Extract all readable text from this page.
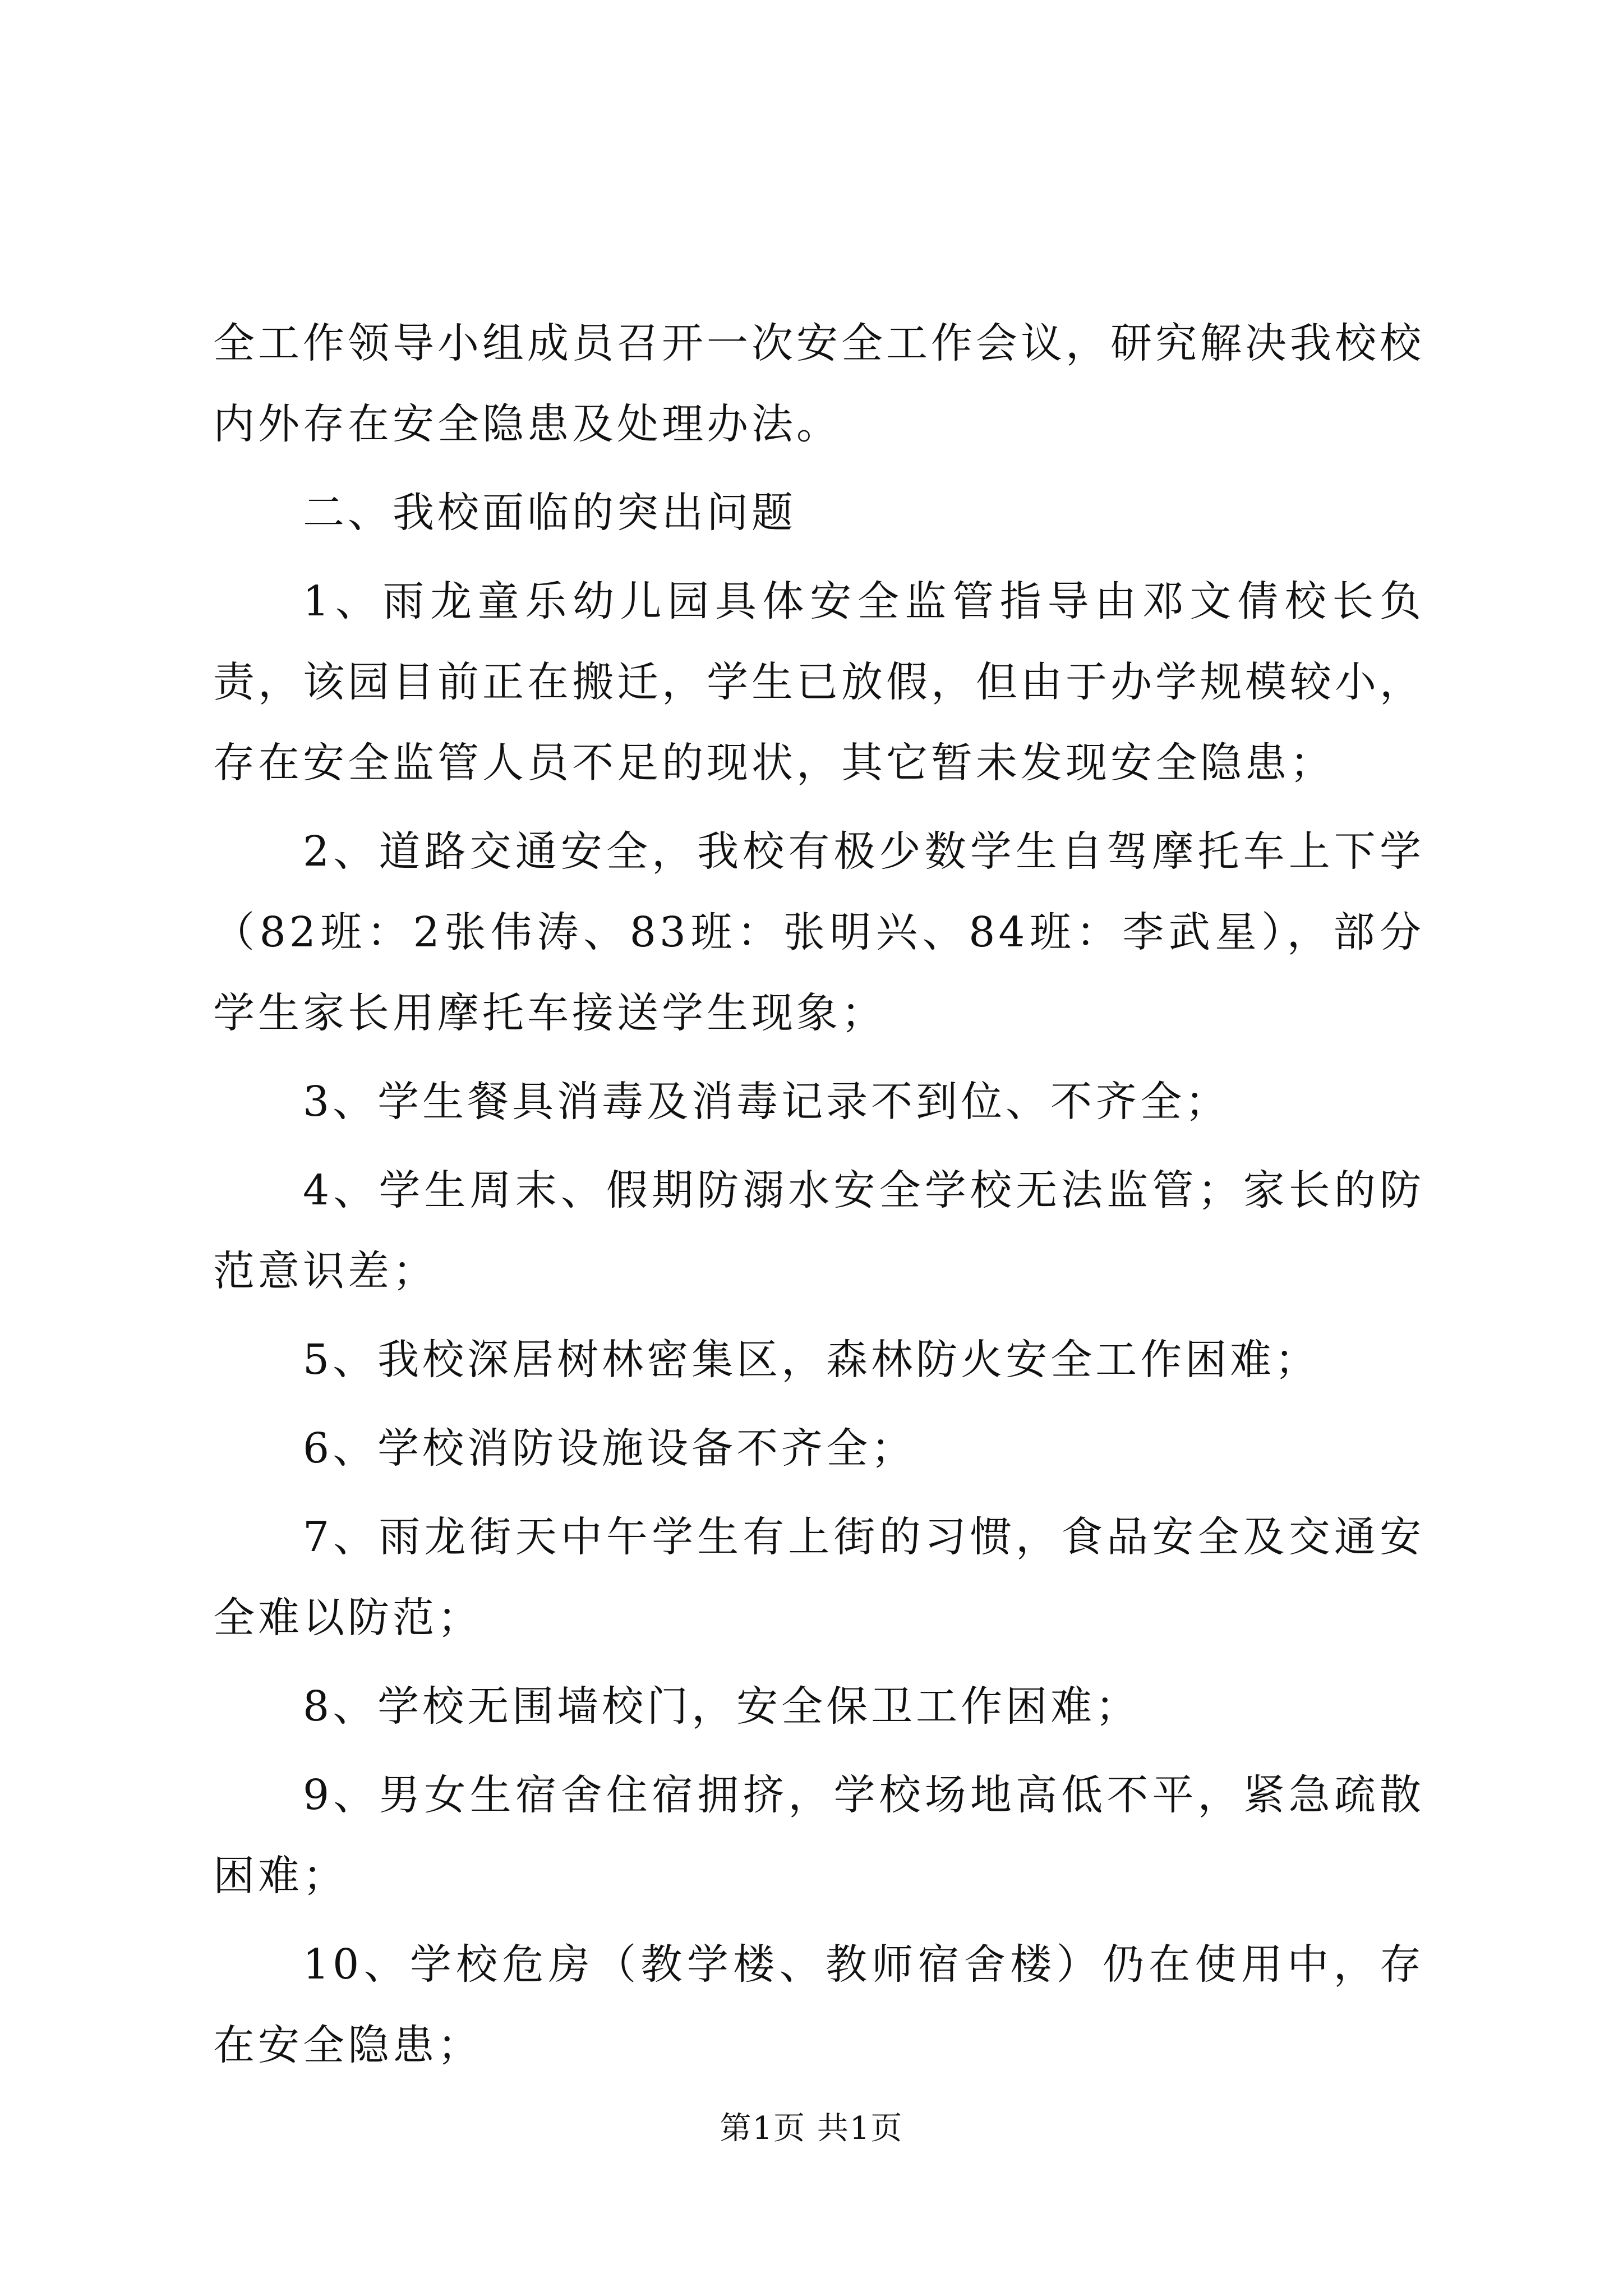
全工作领导小组成员召开一次安全工作会议，研究解决我校校内外存在安全隐患及处理办法。

二、我校面临的突出问题

1、雨龙童乐幼儿园具体安全监管指导由邓文倩校长负责，该园目前正在搬迁，学生已放假，但由于办学规模较小，存在安全监管人员不足的现状，其它暂未发现安全隐患；

2、道路交通安全，我校有极少数学生自驾摩托车上下学（82班：2张伟涛、83班：张明兴、84班：李武星），部分学生家长用摩托车接送学生现象；

3、学生餐具消毒及消毒记录不到位、不齐全；

4、学生周末、假期防溺水安全学校无法监管；家长的防范意识差；

5、我校深居树林密集区，森林防火安全工作困难；

6、学校消防设施设备不齐全；

7、雨龙街天中午学生有上街的习惯，食品安全及交通安全难以防范；

8、学校无围墙校门，安全保卫工作困难；

9、男女生宿舍住宿拥挤，学校场地高低不平，紧急疏散困难；

10、学校危房（教学楼、教师宿舍楼）仍在使用中，存在安全隐患；

第1页 共1页
